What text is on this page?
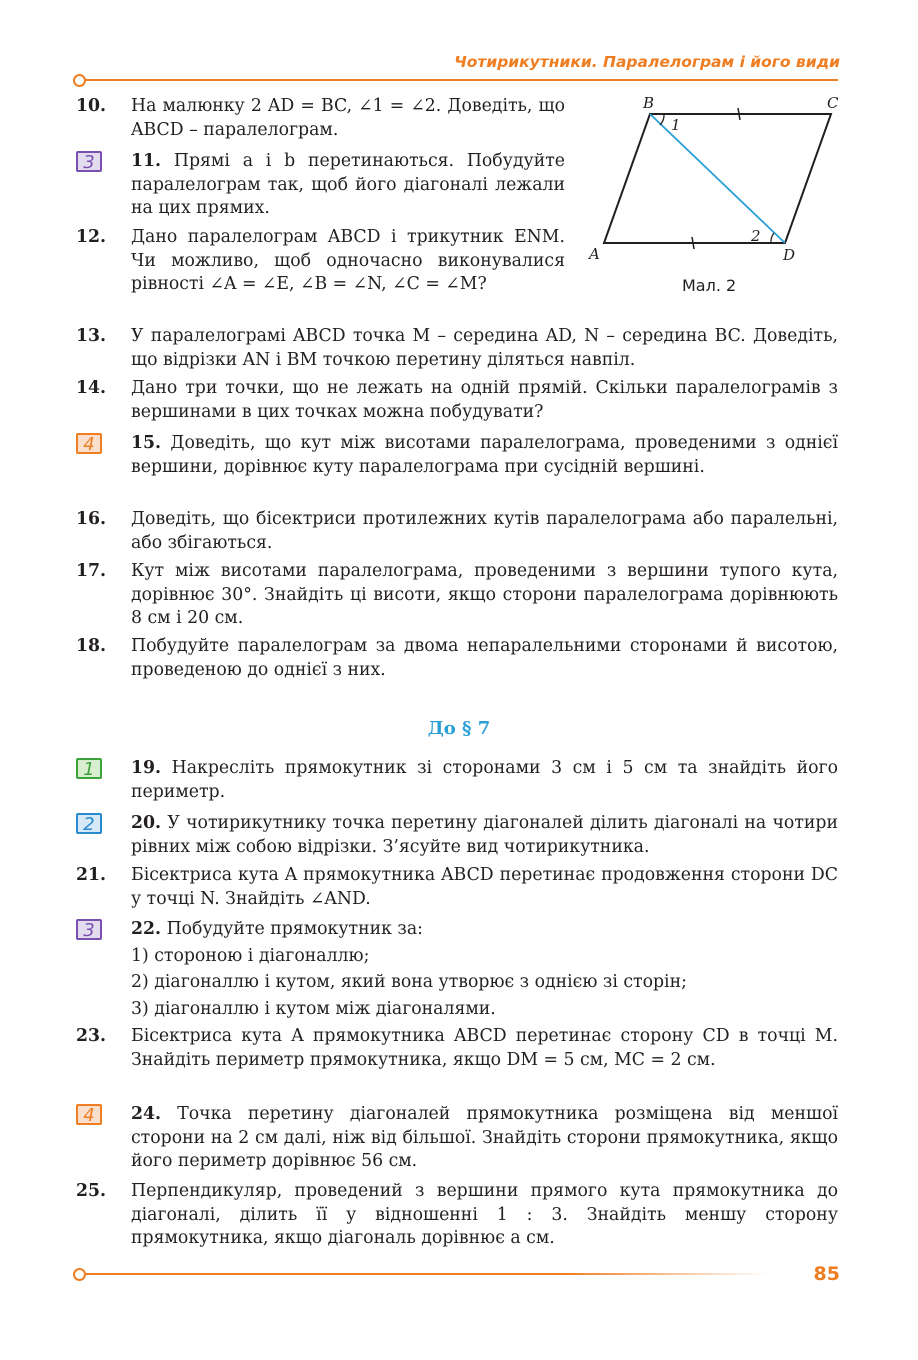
Чотирикутники. Паралелограм і його види
B	C
A	D
1
2
Мал. 2
10. На малюнку 2 AD = BC, ∠1 = ∠2. Доведіть, що ABCD – паралелограм.
3	11. Прямі a і b перетинаються. Побудуйте паралелограм так, щоб його діагоналі лежали на цих прямих.
12. Дано паралелограм ABCD і трикутник ENM. Чи можливо, щоб одночасно виконувалися рівності ∠A = ∠E, ∠B = ∠N, ∠C = ∠M?
13. У паралелограмі ABCD точка M – середина AD, N – середина BC. Доведіть, що відрізки AN і BM точкою перетину діляться навпіл.
14. Дано три точки, що не лежать на одній прямій. Скільки паралелограмів з вершинами в цих точках можна побудувати?
4	15. Доведіть, що кут між висотами паралелограма, проведеними з однієї вершини, дорівнює куту паралелограма при сусідній вершині.
16. Доведіть, що бісектриси протилежних кутів паралелограма або паралельні, або збігаються.
17. Кут між висотами паралелограма, проведеними з вершини тупого кута, дорівнює 30°. Знайдіть ці висоти, якщо сторони паралелограма дорівнюють 8 см і 20 см.
18. Побудуйте паралелограм за двома непаралельними сторонами й висотою, проведеною до однієї з них.
До § 7
1	19. Накресліть прямокутник зі сторонами 3 см і 5 см та знайдіть його периметр.
2	20. У чотирикутнику точка перетину діагоналей ділить діагоналі на чотири рівних між собою відрізки. З’ясуйте вид чотирикутника.
21. Бісектриса кута A прямокутника ABCD перетинає продовження сторони DC у точці N. Знайдіть ∠AND.
3	22. Побудуйте прямокутник за:
1) стороною і діагоналлю;
2) діагоналлю і кутом, який вона утворює з однією зі сторін;
3) діагоналлю і кутом між діагоналями.
23. Бісектриса кута A прямокутника ABCD перетинає сторону CD в точці M. Знайдіть периметр прямокутника, якщо DM = 5 см, MC = 2 см.
4	24. Точка перетину діагоналей прямокутника розміщена від меншої сторони на 2 см далі, ніж від більшої. Знайдіть сторони прямокутника, якщо його периметр дорівнює 56 см.
25. Перпендикуляр, проведений з вершини прямого кута прямокутника до діагоналі, ділить її у відношенні 1 : 3. Знайдіть меншу сторону прямокутника, якщо діагональ дорівнює a см.
85
